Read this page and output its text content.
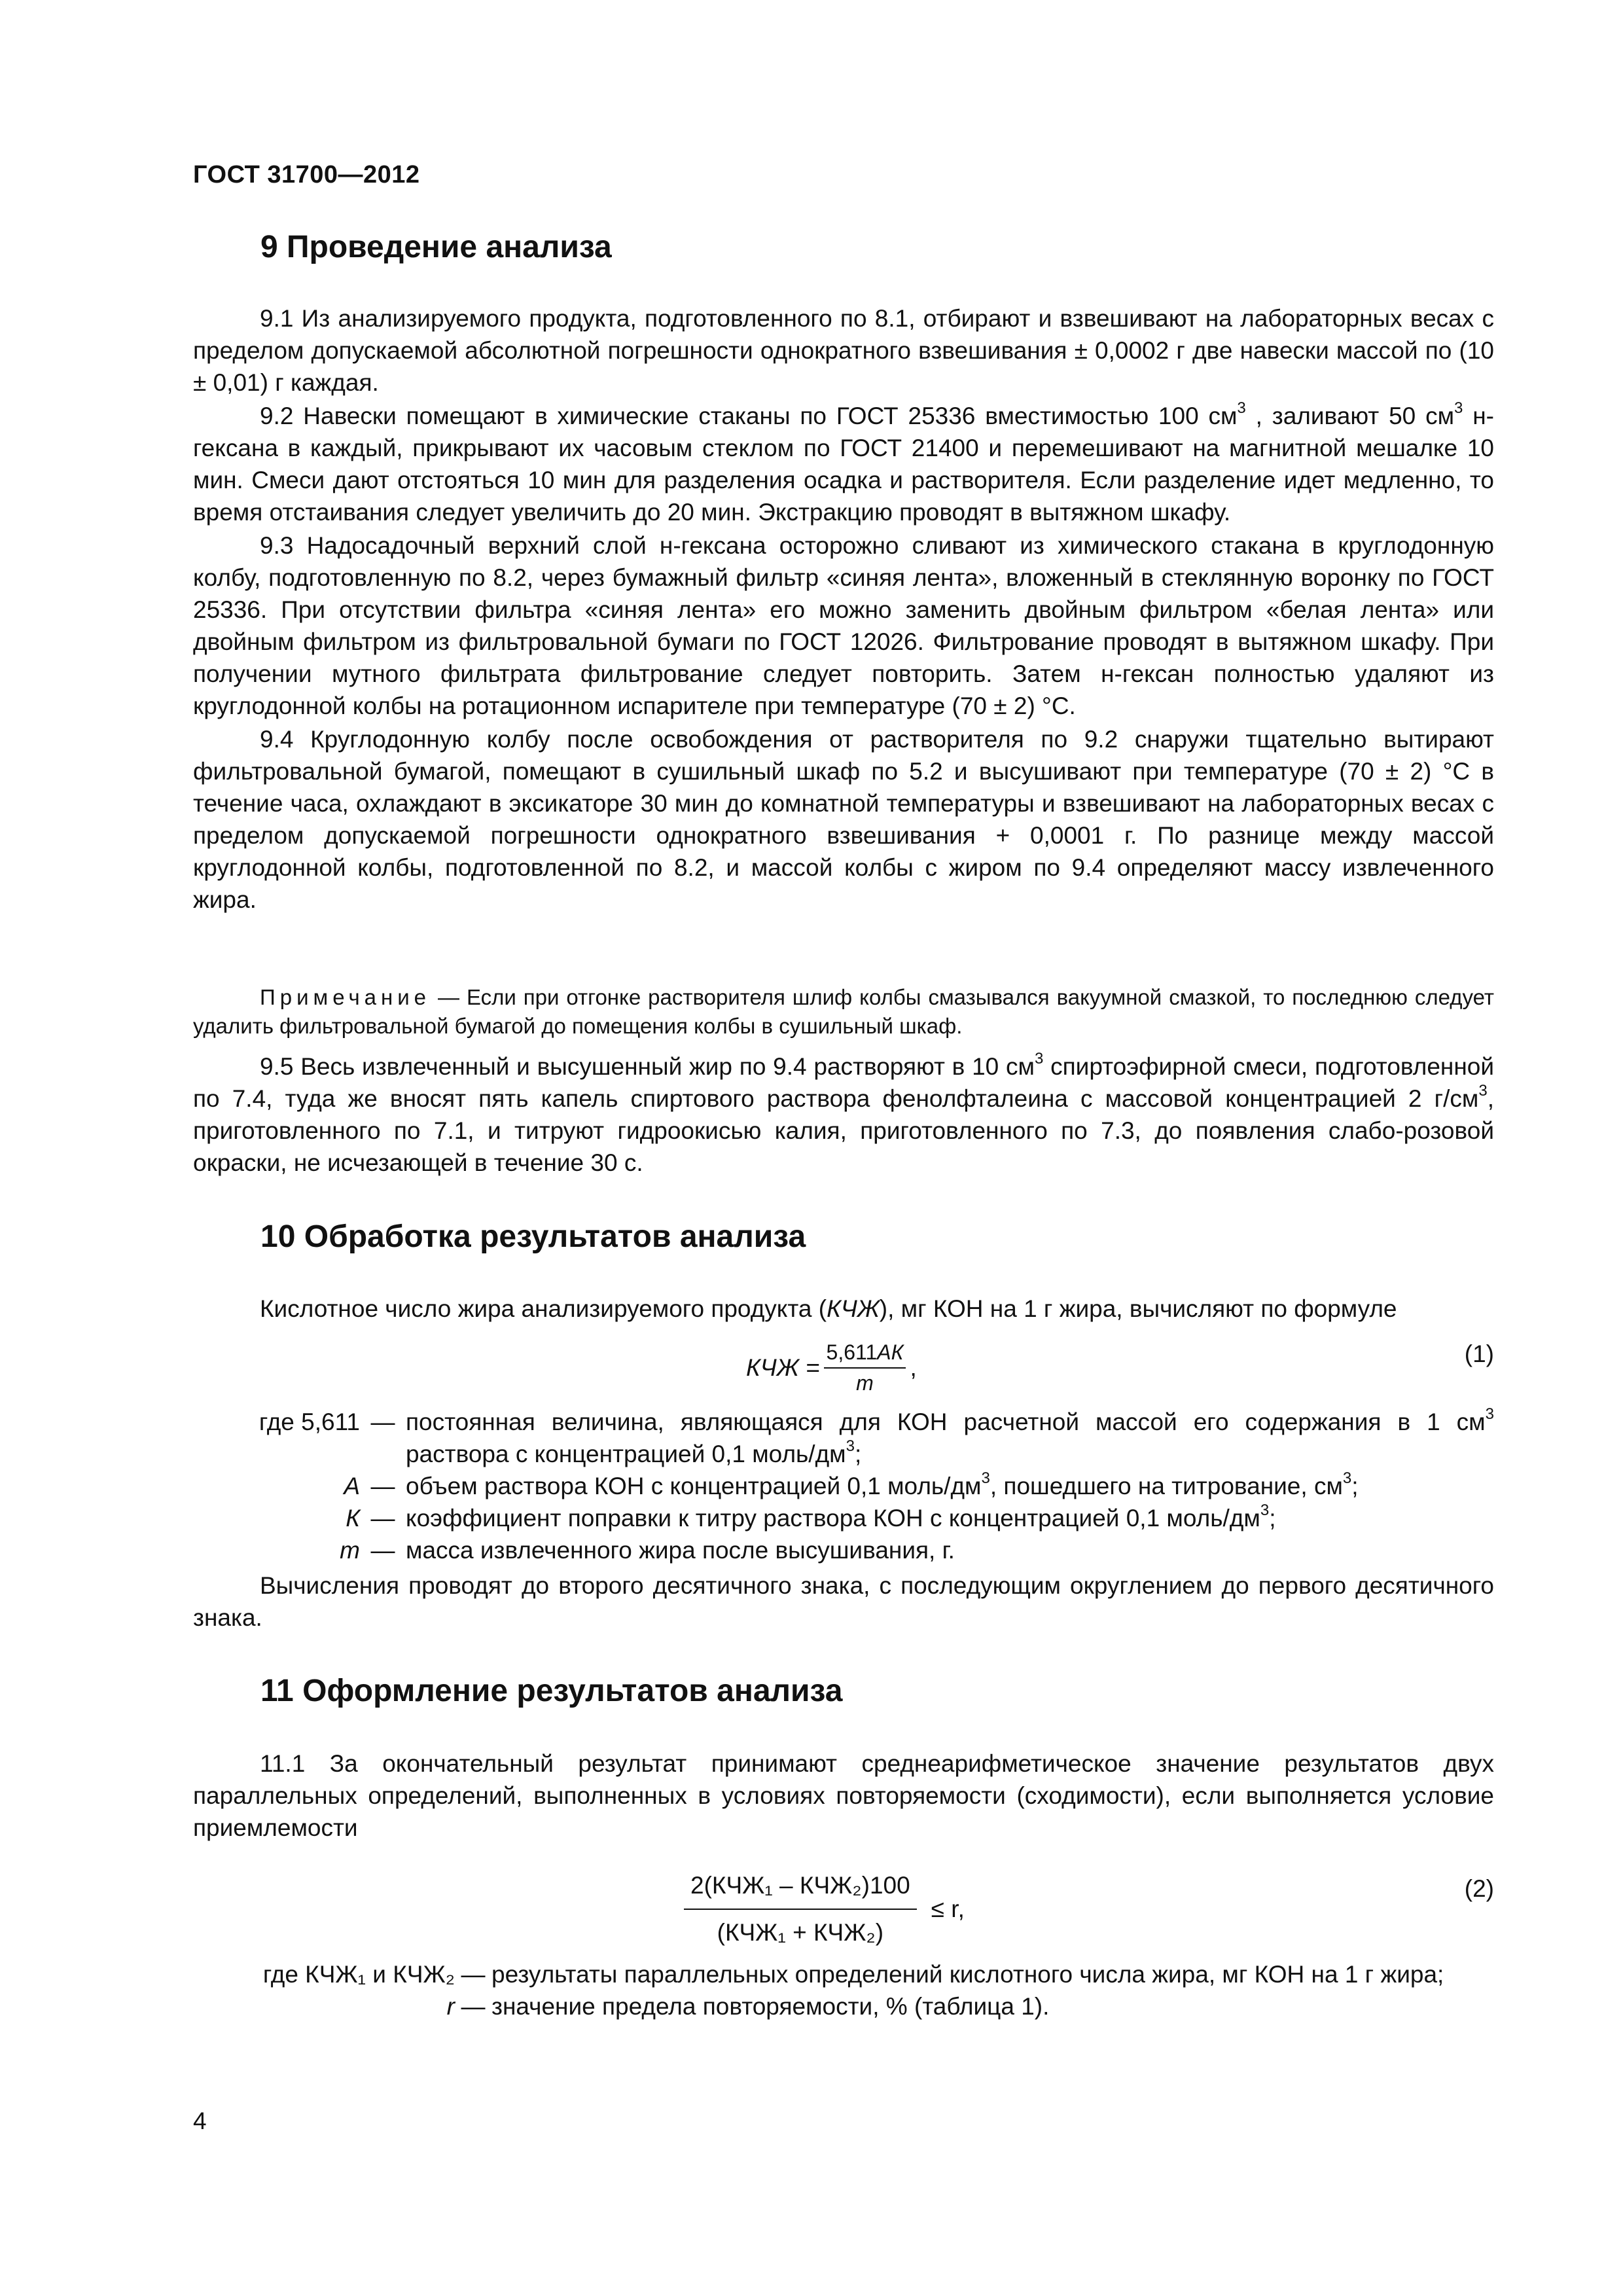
ГОСТ 31700—2012
9 Проведение анализа

9.1 Из анализируемого продукта, подготовленного по 8.1, отбирают и взвешивают на лабораторных весах с пределом допускаемой абсолютной погрешности однократного взвешивания ± 0,0002 г две навески массой по (10 ± 0,01) г каждая.

9.2 Навески помещают в химические стаканы по ГОСТ 25336 вместимостью 100 $см^3$ , заливают 50 $см^3$ н-гексана в каждый, прикрывают их часовым стеклом по ГОСТ 21400 и перемешивают на магнитной мешалке 10 мин. Смеси дают отстояться 10 мин для разделения осадка и растворителя. Если разделение идет медленно, то время отстаивания следует увеличить до 20 мин. Экстракцию проводят в вытяжном шкафу.

9.3 Надосадочный верхний слой н-гексана осторожно сливают из химического стакана в круглодонную колбу, подготовленную по 8.2, через бумажный фильтр «синяя лента», вложенный в стеклянную воронку по ГОСТ 25336. При отсутствии фильтра «синяя лента» его можно заменить двойным фильтром «белая лента» или двойным фильтром из фильтровальной бумаги по ГОСТ 12026. Фильтрование проводят в вытяжном шкафу. При получении мутного фильтрата фильтрование следует повторить. Затем н-гексан полностью удаляют из круглодонной колбы на ротационном испарителе при температуре (70 ± 2) °С.

9.4 Круглодонную колбу после освобождения от растворителя по 9.2 снаружи тщательно вытирают фильтровальной бумагой, помещают в сушильный шкаф по 5.2 и высушивают при температуре (70 ± 2) °С в течение часа, охлаждают в эксикаторе 30 мин до комнатной температуры и взвешивают на лабораторных весах с пределом допускаемой погрешности однократного взвешивания + 0,0001 г. По разнице между массой круглодонной колбы, подготовленной по 8.2, и массой колбы с жиром по 9.4 определяют массу извлеченного жира.

Примечание — Если при отгонке растворителя шлиф колбы смазывался вакуумной смазкой, то последнюю следует удалить фильтровальной бумагой до помещения колбы в сушильный шкаф.

9.5 Весь извлеченный и высушенный жир по 9.4 растворяют в 10 $см^3$ спиртоэфирной смеси, подготовленной по 7.4, туда же вносят пять капель спиртового раствора фенолфталеина с массовой концентрацией 2 $г/см^3$, приготовленного по 7.1, и титруют гидроокисью калия, приготовленного по 7.3, до появления слабо-розовой окраски, не исчезающей в течение 30 с.

10 Обработка результатов анализа

Кислотное число жира анализируемого продукта (КЧЖ), мг КОН на 1 г жира, вычисляют по формуле

КЧЖ = $\frac{5,611АК}{m}$ ,
(1)
где 5,611 — постоянная величина, являющаяся для КОН расчетной массой его содержания в 1 $см^3$ раствора с концентрацией 0,1 моль/$дм^3$;
А — объем раствора КОН с концентрацией 0,1 моль/$дм^3$, пошедшего на титрование, $см^3$;
К — коэффициент поправки к титру раствора КОН с концентрацией 0,1 моль/$дм^3$;
m — масса извлеченного жира после высушивания, г.

Вычисления проводят до второго десятичного знака, с последующим округлением до первого десятичного знака.

11 Оформление результатов анализа

11.1 За окончательный результат принимают среднеарифметическое значение результатов двух параллельных определений, выполненных в условиях повторяемости (сходимости), если выполняется условие приемлемости

$\frac{\text{2(КЧЖ₁ – КЧЖ₂)100}}{\text{(КЧЖ₁ + КЧЖ₂)}} \le r$,
(2)
где КЧЖ₁ и КЧЖ₂ — результаты параллельных определений кислотного числа жира, мг КОН на 1 г жира;
r — значение предела повторяемости, % (таблица 1).
4
